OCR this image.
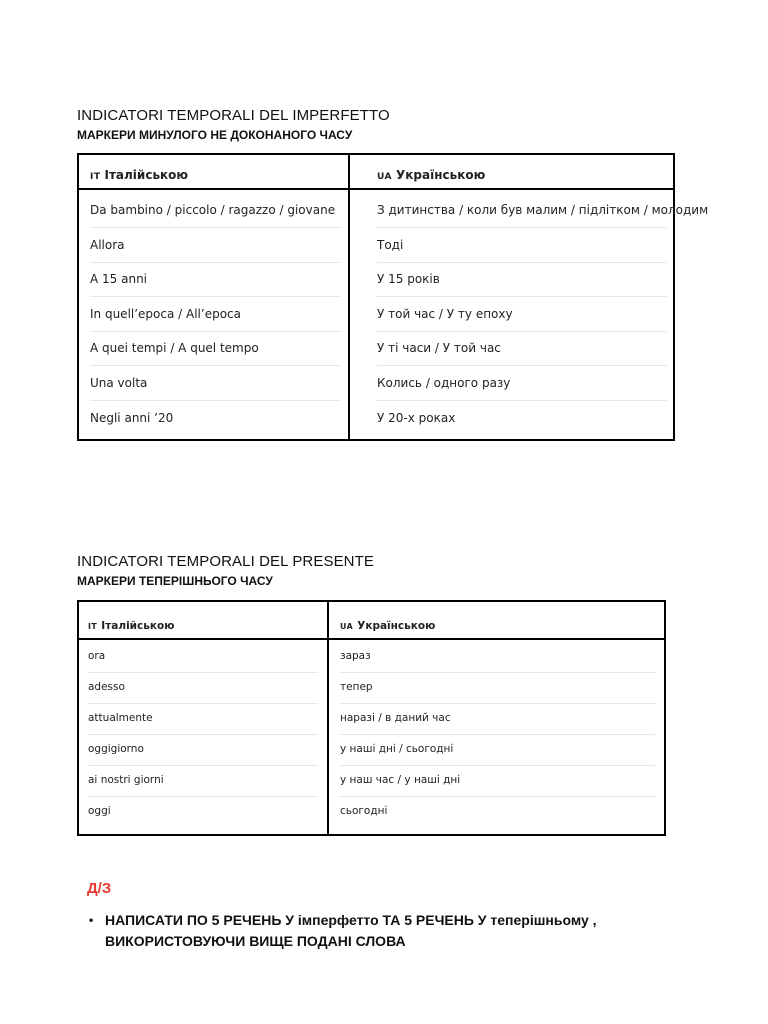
INDICATORI TEMPORALI DEL IMPERFETTO
МАРКЕРИ МИНУЛОГО НЕ ДОКОНАНОГО ЧАСУ
IT Італійською	UA Українською
Da bambino / piccolo / ragazzo / giovane	З дитинства / коли був малим / підлітком / молодим
Allora	Тоді
A 15 anni	У 15 років
In quell’epoca / All’epoca	У той час / У ту епоху
A quei tempi / A quel tempo	У ті часи / У той час
Una volta	Колись / одного разу
Negli anni ’20	У 20-х роках
INDICATORI TEMPORALI DEL PRESENTE
МАРКЕРИ ТЕПЕРІШНЬОГО ЧАСУ
IT Італійською	UA Українською
ora	зараз
adesso	тепер
attualmente	наразі / в даний час
oggigiorno	у наші дні / сьогодні
ai nostri giorni	у наш час / у наші дні
oggi	сьогодні
Д/З
• НАПИСАТИ ПО 5 РЕЧЕНЬ У імперфетто ТА 5 РЕЧЕНЬ У теперішньому , ВИКОРИСТОВУЮЧИ ВИЩЕ ПОДАНІ СЛОВА
